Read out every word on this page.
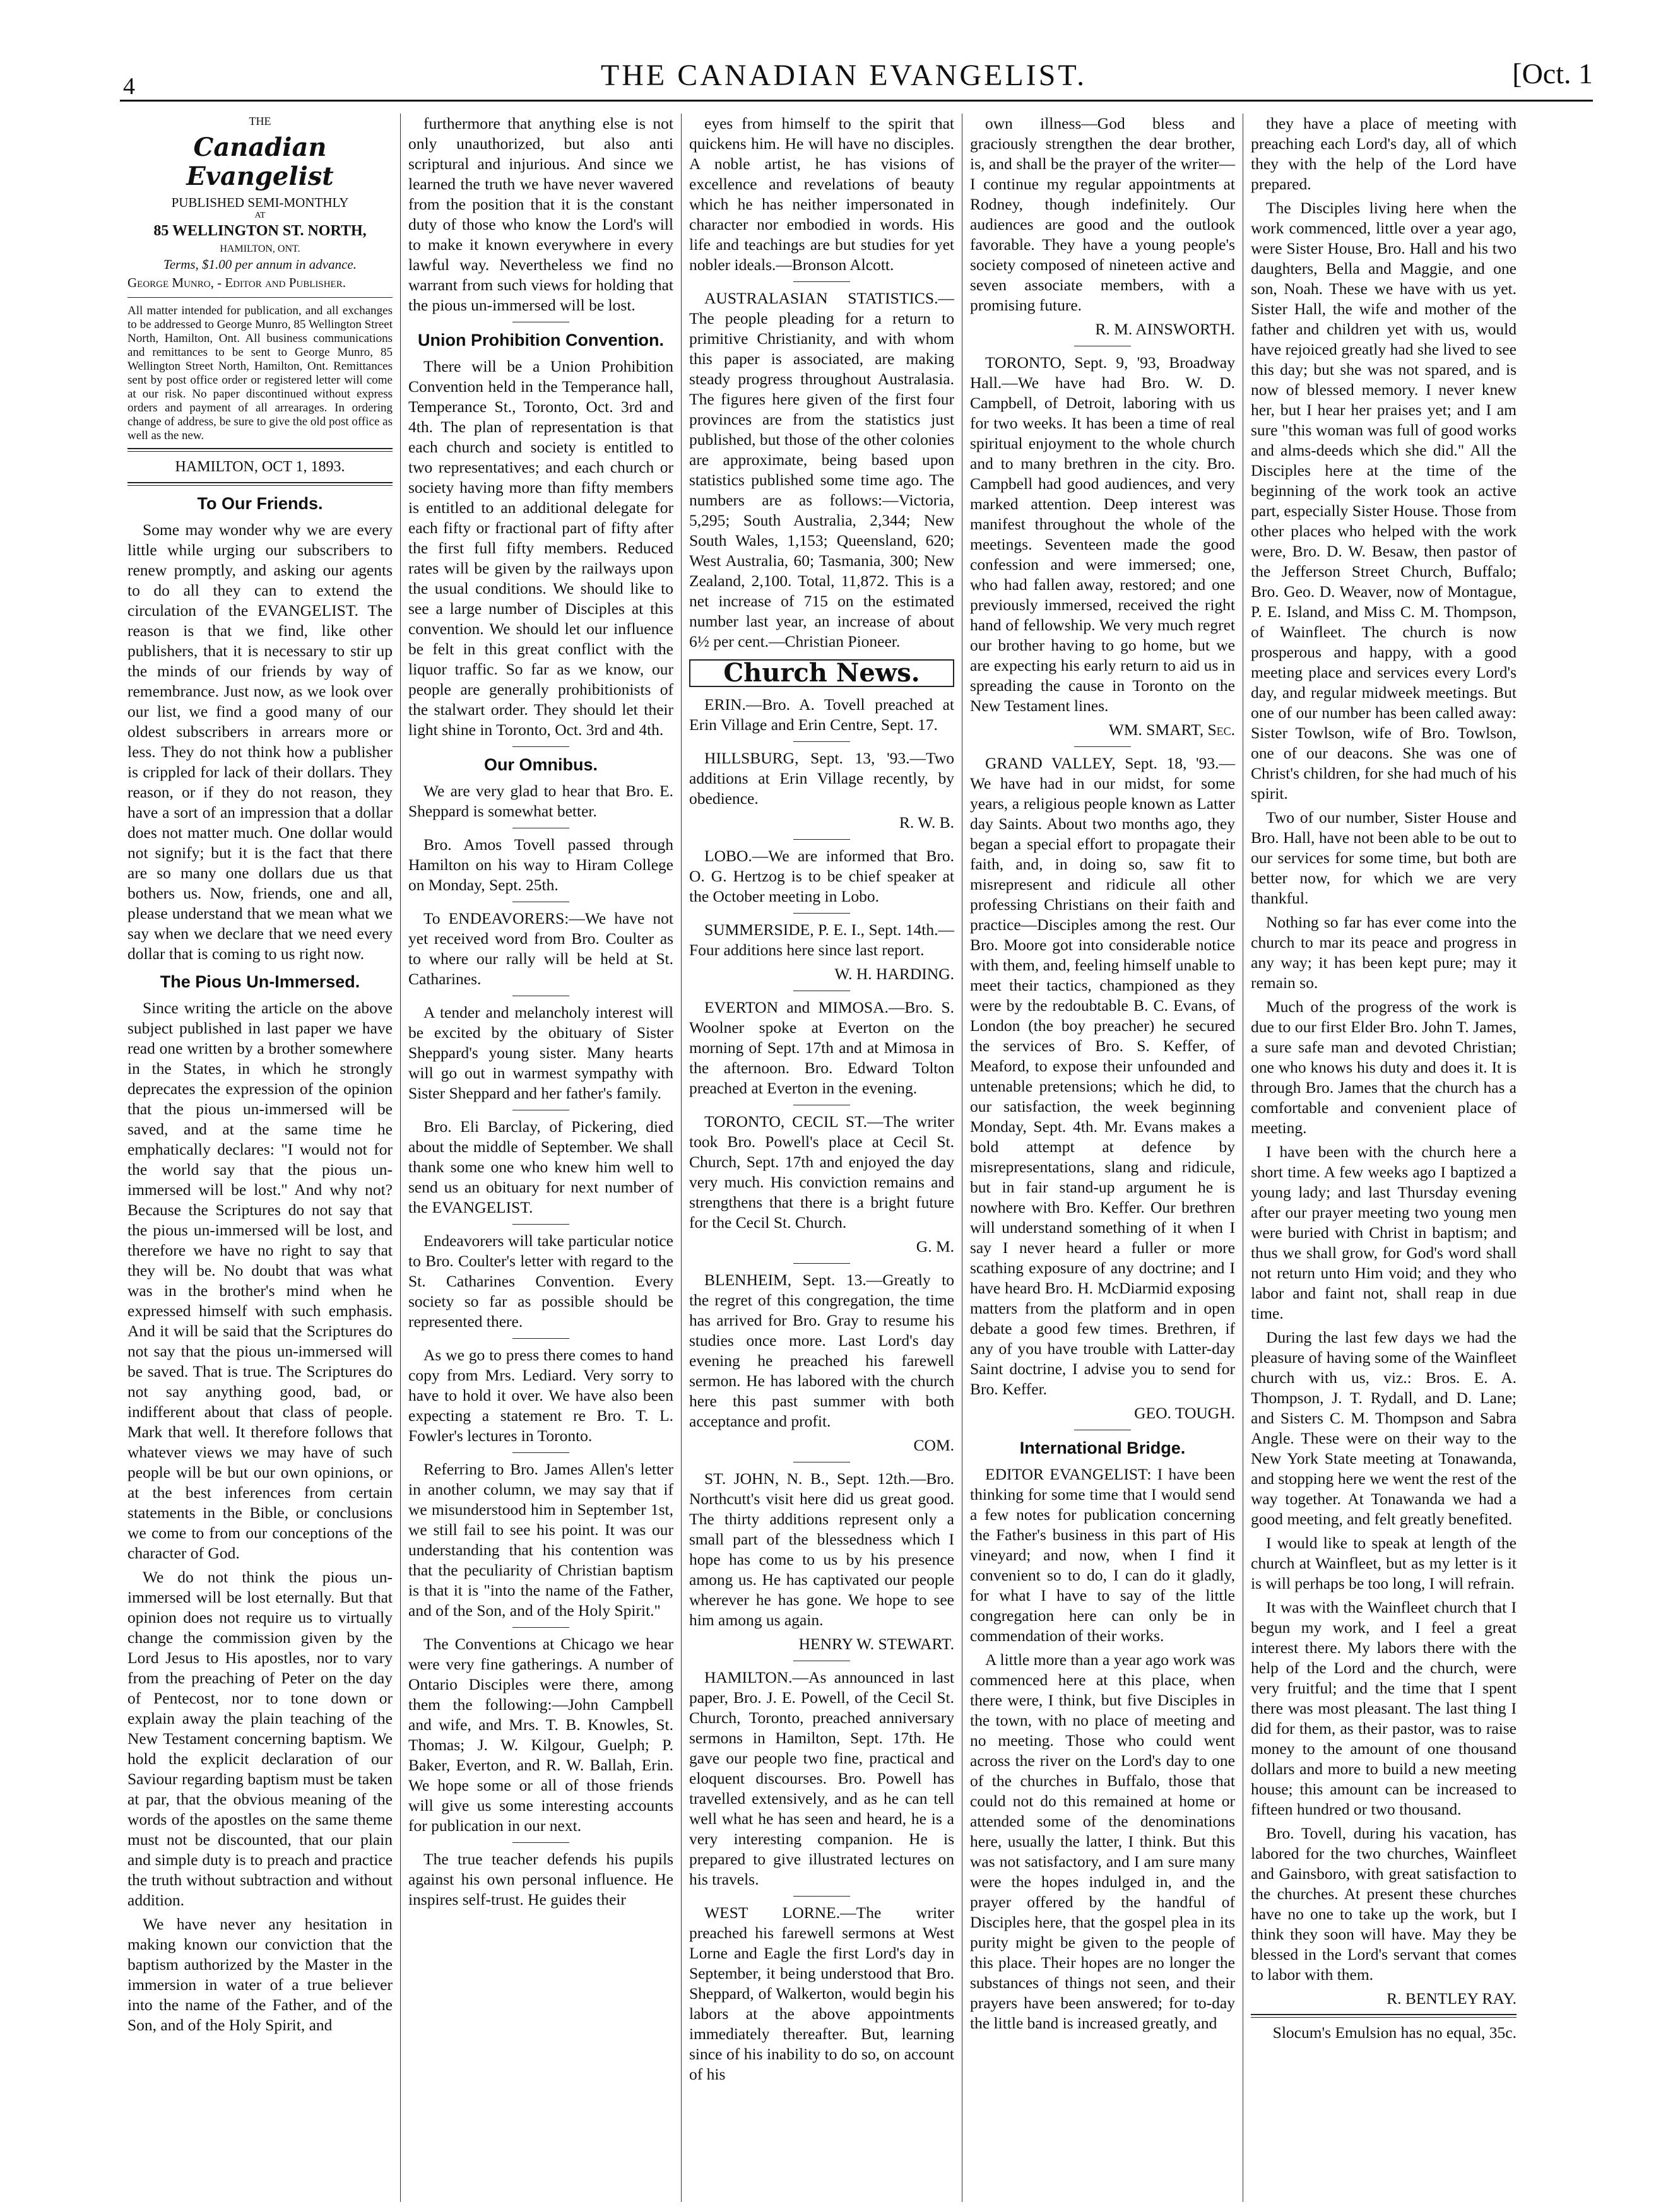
4	THE CANADIAN EVANGELIST.	[Oct. 1
THE
Canadian Evangelist
PUBLISHED SEMI-MONTHLY
AT
85 WELLINGTON ST. NORTH,
HAMILTON, ONT.
Terms, $1.00 per annum in advance.
George Munro, - Editor and Publisher.
All matter intended for publication, and all exchanges to be addressed to George Munro, 85 Wellington Street North, Hamilton, Ont. All business communications and remittances to be sent to George Munro, 85 Wellington Street North, Hamilton, Ont. Remittances sent by post office order or registered letter will come at our risk. No paper discontinued without express orders and payment of all arrearages. In ordering change of address, be sure to give the old post office as well as the new.
HAMILTON, OCT 1, 1893.
To Our Friends.

Some may wonder why we are every little while urging our subscribers to renew promptly, and asking our agents to do all they can to extend the circulation of the EVANGELIST. The reason is that we find, like other publishers, that it is necessary to stir up the minds of our friends by way of remembrance. Just now, as we look over our list, we find a good many of our oldest subscribers in arrears more or less. They do not think how a publisher is crippled for lack of their dollars. They reason, or if they do not reason, they have a sort of an impression that a dollar does not matter much. One dollar would not signify; but it is the fact that there are so many one dollars due us that bothers us. Now, friends, one and all, please understand that we mean what we say when we declare that we need every dollar that is coming to us right now.

The Pious Un-Immersed.

Since writing the article on the above subject published in last paper we have read one written by a brother somewhere in the States, in which he strongly deprecates the expression of the opinion that the pious un-immersed will be saved, and at the same time he emphatically declares: "I would not for the world say that the pious un-immersed will be lost." And why not? Because the Scriptures do not say that the pious un-immersed will be lost, and therefore we have no right to say that they will be. No doubt that was what was in the brother's mind when he expressed himself with such emphasis. And it will be said that the Scriptures do not say that the pious un-immersed will be saved. That is true. The Scriptures do not say anything good, bad, or indifferent about that class of people. Mark that well. It therefore follows that whatever views we may have of such people will be but our own opinions, or at the best inferences from certain statements in the Bible, or conclusions we come to from our conceptions of the character of God.

We do not think the pious un-immersed will be lost eternally. But that opinion does not require us to virtually change the commission given by the Lord Jesus to His apostles, nor to vary from the preaching of Peter on the day of Pentecost, nor to tone down or explain away the plain teaching of the New Testament concerning baptism. We hold the explicit declaration of our Saviour regarding baptism must be taken at par, that the obvious meaning of the words of the apostles on the same theme must not be discounted, that our plain and simple duty is to preach and practice the truth without subtraction and without addition.

We have never any hesitation in making known our conviction that the baptism authorized by the Master in the immersion in water of a true believer into the name of the Father, and of the Son, and of the Holy Spirit, and

furthermore that anything else is not only unauthorized, but also anti scriptural and injurious. And since we learned the truth we have never wavered from the position that it is the constant duty of those who know the Lord's will to make it known everywhere in every lawful way. Nevertheless we find no warrant from such views for holding that the pious un-immersed will be lost.

Union Prohibition Convention.

There will be a Union Prohibition Convention held in the Temperance hall, Temperance St., Toronto, Oct. 3rd and 4th. The plan of representation is that each church and society is entitled to two representatives; and each church or society having more than fifty members is entitled to an additional delegate for each fifty or fractional part of fifty after the first full fifty members. Reduced rates will be given by the railways upon the usual conditions. We should like to see a large number of Disciples at this convention. We should let our influence be felt in this great conflict with the liquor traffic. So far as we know, our people are generally prohibitionists of the stalwart order. They should let their light shine in Toronto, Oct. 3rd and 4th.

Our Omnibus.

We are very glad to hear that Bro. E. Sheppard is somewhat better.

Bro. Amos Tovell passed through Hamilton on his way to Hiram College on Monday, Sept. 25th.

To ENDEAVORERS:—We have not yet received word from Bro. Coulter as to where our rally will be held at St. Catharines.

A tender and melancholy interest will be excited by the obituary of Sister Sheppard's young sister. Many hearts will go out in warmest sympathy with Sister Sheppard and her father's family.

Bro. Eli Barclay, of Pickering, died about the middle of September. We shall thank some one who knew him well to send us an obituary for next number of the EVANGELIST.

Endeavorers will take particular notice to Bro. Coulter's letter with regard to the St. Catharines Convention. Every society so far as possible should be represented there.

As we go to press there comes to hand copy from Mrs. Lediard. Very sorry to have to hold it over. We have also been expecting a statement re Bro. T. L. Fowler's lectures in Toronto.

Referring to Bro. James Allen's letter in another column, we may say that if we misunderstood him in September 1st, we still fail to see his point. It was our understanding that his contention was that the peculiarity of Christian baptism is that it is "into the name of the Father, and of the Son, and of the Holy Spirit."

The Conventions at Chicago we hear were very fine gatherings. A number of Ontario Disciples were there, among them the following:—John Campbell and wife, and Mrs. T. B. Knowles, St. Thomas; J. W. Kilgour, Guelph; P. Baker, Everton, and R. W. Ballah, Erin. We hope some or all of those friends will give us some interesting accounts for publication in our next.

The true teacher defends his pupils against his own personal influence. He inspires self-trust. He guides their

eyes from himself to the spirit that quickens him. He will have no disciples. A noble artist, he has visions of excellence and revelations of beauty which he has neither impersonated in character nor embodied in words. His life and teachings are but studies for yet nobler ideals.—Bronson Alcott.

AUSTRALASIAN STATISTICS.—The people pleading for a return to primitive Christianity, and with whom this paper is associated, are making steady progress throughout Australasia. The figures here given of the first four provinces are from the statistics just published, but those of the other colonies are approximate, being based upon statistics published some time ago. The numbers are as follows:—Victoria, 5,295; South Australia, 2,344; New South Wales, 1,153; Queensland, 620; West Australia, 60; Tasmania, 300; New Zealand, 2,100. Total, 11,872. This is a net increase of 715 on the estimated number last year, an increase of about 6½ per cent.—Christian Pioneer.

Church News.

ERIN.—Bro. A. Tovell preached at Erin Village and Erin Centre, Sept. 17.

HILLSBURG, Sept. 13, '93.—Two additions at Erin Village recently, by obedience.

R. W. B.

LOBO.—We are informed that Bro. O. G. Hertzog is to be chief speaker at the October meeting in Lobo.

SUMMERSIDE, P. E. I., Sept. 14th.—Four additions here since last report.

W. H. HARDING.

EVERTON and MIMOSA.—Bro. S. Woolner spoke at Everton on the morning of Sept. 17th and at Mimosa in the afternoon. Bro. Edward Tolton preached at Everton in the evening.

TORONTO, CECIL ST.—The writer took Bro. Powell's place at Cecil St. Church, Sept. 17th and enjoyed the day very much. His conviction remains and strengthens that there is a bright future for the Cecil St. Church.

G. M.

BLENHEIM, Sept. 13.—Greatly to the regret of this congregation, the time has arrived for Bro. Gray to resume his studies once more. Last Lord's day evening he preached his farewell sermon. He has labored with the church here this past summer with both acceptance and profit.

COM.

ST. JOHN, N. B., Sept. 12th.—Bro. Northcutt's visit here did us great good. The thirty additions represent only a small part of the blessedness which I hope has come to us by his presence among us. He has captivated our people wherever he has gone. We hope to see him among us again.

HENRY W. STEWART.

HAMILTON.—As announced in last paper, Bro. J. E. Powell, of the Cecil St. Church, Toronto, preached anniversary sermons in Hamilton, Sept. 17th. He gave our people two fine, practical and eloquent discourses. Bro. Powell has travelled extensively, and as he can tell well what he has seen and heard, he is a very interesting companion. He is prepared to give illustrated lectures on his travels.

WEST LORNE.—The writer preached his farewell sermons at West Lorne and Eagle the first Lord's day in September, it being understood that Bro. Sheppard, of Walkerton, would begin his labors at the above appointments immediately thereafter. But, learning since of his inability to do so, on account of his

own illness—God bless and graciously strengthen the dear brother, is, and shall be the prayer of the writer—I continue my regular appointments at Rodney, though indefinitely. Our audiences are good and the outlook favorable. They have a young people's society composed of nineteen active and seven associate members, with a promising future.

R. M. AINSWORTH.

TORONTO, Sept. 9, '93, Broadway Hall.—We have had Bro. W. D. Campbell, of Detroit, laboring with us for two weeks. It has been a time of real spiritual enjoyment to the whole church and to many brethren in the city. Bro. Campbell had good audiences, and very marked attention. Deep interest was manifest throughout the whole of the meetings. Seventeen made the good confession and were immersed; one, who had fallen away, restored; and one previously immersed, received the right hand of fellowship. We very much regret our brother having to go home, but we are expecting his early return to aid us in spreading the cause in Toronto on the New Testament lines.

WM. SMART, Sec.

GRAND VALLEY, Sept. 18, '93.—We have had in our midst, for some years, a religious people known as Latter day Saints. About two months ago, they began a special effort to propagate their faith, and, in doing so, saw fit to misrepresent and ridicule all other professing Christians on their faith and practice—Disciples among the rest. Our Bro. Moore got into considerable notice with them, and, feeling himself unable to meet their tactics, championed as they were by the redoubtable B. C. Evans, of London (the boy preacher) he secured the services of Bro. S. Keffer, of Meaford, to expose their unfounded and untenable pretensions; which he did, to our satisfaction, the week beginning Monday, Sept. 4th. Mr. Evans makes a bold attempt at defence by misrepresentations, slang and ridicule, but in fair stand-up argument he is nowhere with Bro. Keffer. Our brethren will understand something of it when I say I never heard a fuller or more scathing exposure of any doctrine; and I have heard Bro. H. McDiarmid exposing matters from the platform and in open debate a good few times. Brethren, if any of you have trouble with Latter-day Saint doctrine, I advise you to send for Bro. Keffer.

GEO. TOUGH.
International Bridge.

EDITOR EVANGELIST: I have been thinking for some time that I would send a few notes for publication concerning the Father's business in this part of His vineyard; and now, when I find it convenient so to do, I can do it gladly, for what I have to say of the little congregation here can only be in commendation of their works.

A little more than a year ago work was commenced here at this place, when there were, I think, but five Disciples in the town, with no place of meeting and no meeting. Those who could went across the river on the Lord's day to one of the churches in Buffalo, those that could not do this remained at home or attended some of the denominations here, usually the latter, I think. But this was not satisfactory, and I am sure many were the hopes indulged in, and the prayer offered by the handful of Disciples here, that the gospel plea in its purity might be given to the people of this place. Their hopes are no longer the substances of things not seen, and their prayers have been answered; for to-day the little band is increased greatly, and

they have a place of meeting with preaching each Lord's day, all of which they with the help of the Lord have prepared.

The Disciples living here when the work commenced, little over a year ago, were Sister House, Bro. Hall and his two daughters, Bella and Maggie, and one son, Noah. These we have with us yet. Sister Hall, the wife and mother of the father and children yet with us, would have rejoiced greatly had she lived to see this day; but she was not spared, and is now of blessed memory. I never knew her, but I hear her praises yet; and I am sure "this woman was full of good works and alms-deeds which she did." All the Disciples here at the time of the beginning of the work took an active part, especially Sister House. Those from other places who helped with the work were, Bro. D. W. Besaw, then pastor of the Jefferson Street Church, Buffalo; Bro. Geo. D. Weaver, now of Montague, P. E. Island, and Miss C. M. Thompson, of Wainfleet. The church is now prosperous and happy, with a good meeting place and services every Lord's day, and regular midweek meetings. But one of our number has been called away: Sister Towlson, wife of Bro. Towlson, one of our deacons. She was one of Christ's children, for she had much of his spirit.

Two of our number, Sister House and Bro. Hall, have not been able to be out to our services for some time, but both are better now, for which we are very thankful.

Nothing so far has ever come into the church to mar its peace and progress in any way; it has been kept pure; may it remain so.

Much of the progress of the work is due to our first Elder Bro. John T. James, a sure safe man and devoted Christian; one who knows his duty and does it. It is through Bro. James that the church has a comfortable and convenient place of meeting.

I have been with the church here a short time. A few weeks ago I baptized a young lady; and last Thursday evening after our prayer meeting two young men were buried with Christ in baptism; and thus we shall grow, for God's word shall not return unto Him void; and they who labor and faint not, shall reap in due time.

During the last few days we had the pleasure of having some of the Wainfleet church with us, viz.: Bros. E. A. Thompson, J. T. Rydall, and D. Lane; and Sisters C. M. Thompson and Sabra Angle. These were on their way to the New York State meeting at Tonawanda, and stopping here we went the rest of the way together. At Tonawanda we had a good meeting, and felt greatly benefited.

I would like to speak at length of the church at Wainfleet, but as my letter is it is will perhaps be too long, I will refrain.

It was with the Wainfleet church that I begun my work, and I feel a great interest there. My labors there with the help of the Lord and the church, were very fruitful; and the time that I spent there was most pleasant. The last thing I did for them, as their pastor, was to raise money to the amount of one thousand dollars and more to build a new meeting house; this amount can be increased to fifteen hundred or two thousand.

Bro. Tovell, during his vacation, has labored for the two churches, Wainfleet and Gainsboro, with great satisfaction to the churches. At present these churches have no one to take up the work, but I think they soon will have. May they be blessed in the Lord's servant that comes to labor with them.

R. BENTLEY RAY.
Slocum's Emulsion has no equal, 35c.
